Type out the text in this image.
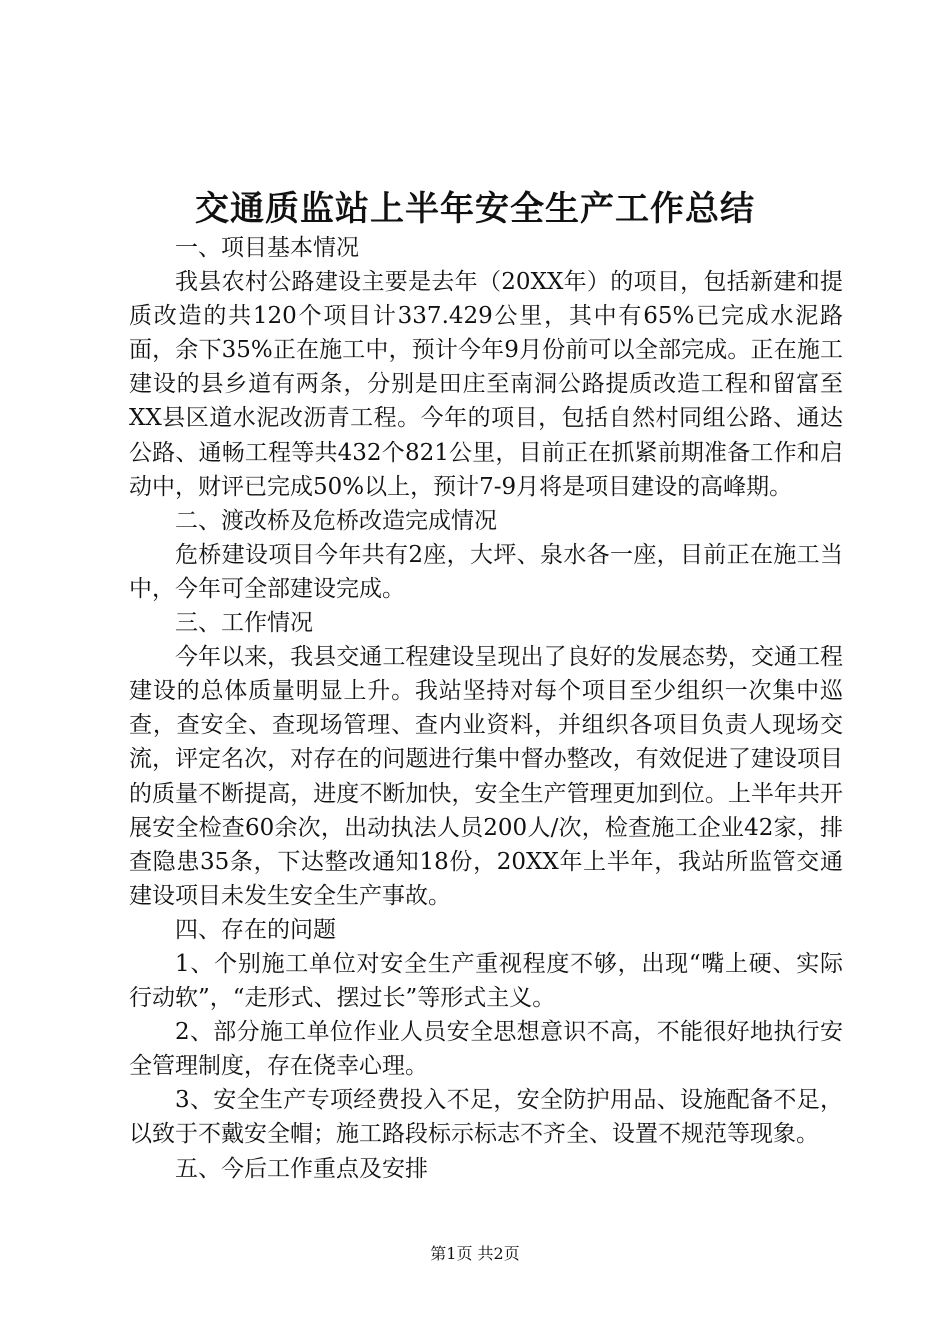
交通质监站上半年安全生产工作总结

一、项目基本情况

我县农村公路建设主要是去年（20XX年）的项目，包括新建和提质改造的共120个项目计337.429公里，其中有65%已完成水泥路面，余下35%正在施工中，预计今年9月份前可以全部完成。正在施工建设的县乡道有两条，分别是田庄至南洞公路提质改造工程和留富至XX县区道水泥改沥青工程。今年的项目，包括自然村同组公路、通达公路、通畅工程等共432个821公里，目前正在抓紧前期准备工作和启动中，财评已完成50%以上，预计7-9月将是项目建设的高峰期。

二、渡改桥及危桥改造完成情况

危桥建设项目今年共有2座，大坪、泉水各一座，目前正在施工当中，今年可全部建设完成。

三、工作情况

今年以来，我县交通工程建设呈现出了良好的发展态势，交通工程建设的总体质量明显上升。我站坚持对每个项目至少组织一次集中巡查，查安全、查现场管理、查内业资料，并组织各项目负责人现场交流，评定名次，对存在的问题进行集中督办整改，有效促进了建设项目的质量不断提高，进度不断加快，安全生产管理更加到位。上半年共开展安全检查60余次，出动执法人员200人/次，检查施工企业42家，排查隐患35条，下达整改通知18份，20XX年上半年，我站所监管交通建设项目未发生安全生产事故。

四、存在的问题

1、个别施工单位对安全生产重视程度不够，出现“嘴上硬、实际行动软”，“走形式、摆过长”等形式主义。

2、部分施工单位作业人员安全思想意识不高，不能很好地执行安全管理制度，存在侥幸心理。

3、安全生产专项经费投入不足，安全防护用品、设施配备不足，以致于不戴安全帽；施工路段标示标志不齐全、设置不规范等现象。

五、今后工作重点及安排

第1页 共2页
